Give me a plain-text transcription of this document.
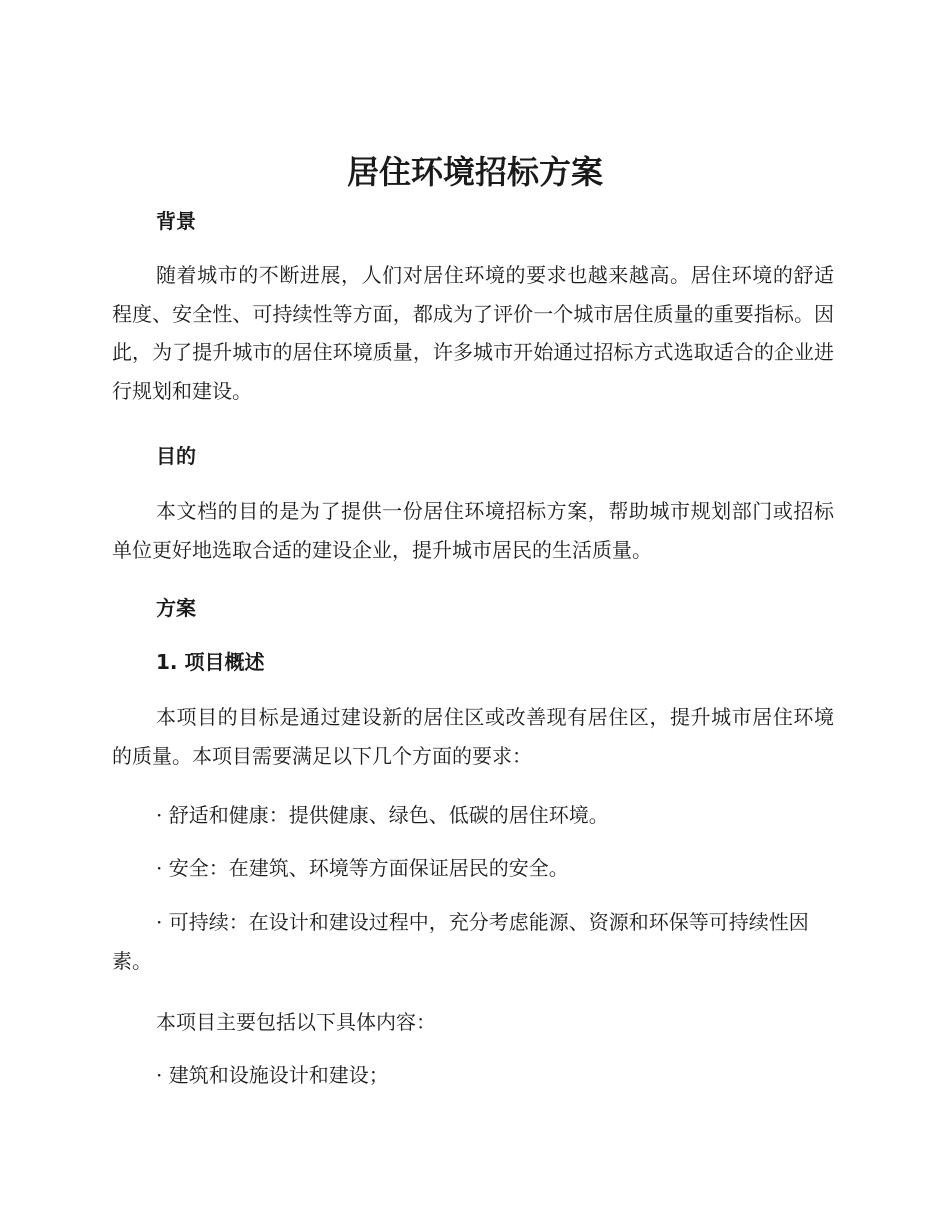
居住环境招标方案
背景

随着城市的不断进展，人们对居住环境的要求也越来越高。居住环境的舒适程度、安全性、可持续性等方面，都成为了评价一个城市居住质量的重要指标。因此，为了提升城市的居住环境质量，许多城市开始通过招标方式选取适合的企业进行规划和建设。

目的

本文档的目的是为了提供一份居住环境招标方案，帮助城市规划部门或招标单位更好地选取合适的建设企业，提升城市居民的生活质量。

方案
1. 项目概述

本项目的目标是通过建设新的居住区或改善现有居住区，提升城市居住环境的质量。本项目需要满足以下几个方面的要求：

· 舒适和健康：提供健康、绿色、低碳的居住环境。

· 安全：在建筑、环境等方面保证居民的安全。

· 可持续：在设计和建设过程中，充分考虑能源、资源和环保等可持续性因素。

本项目主要包括以下具体内容：

· 建筑和设施设计和建设；
